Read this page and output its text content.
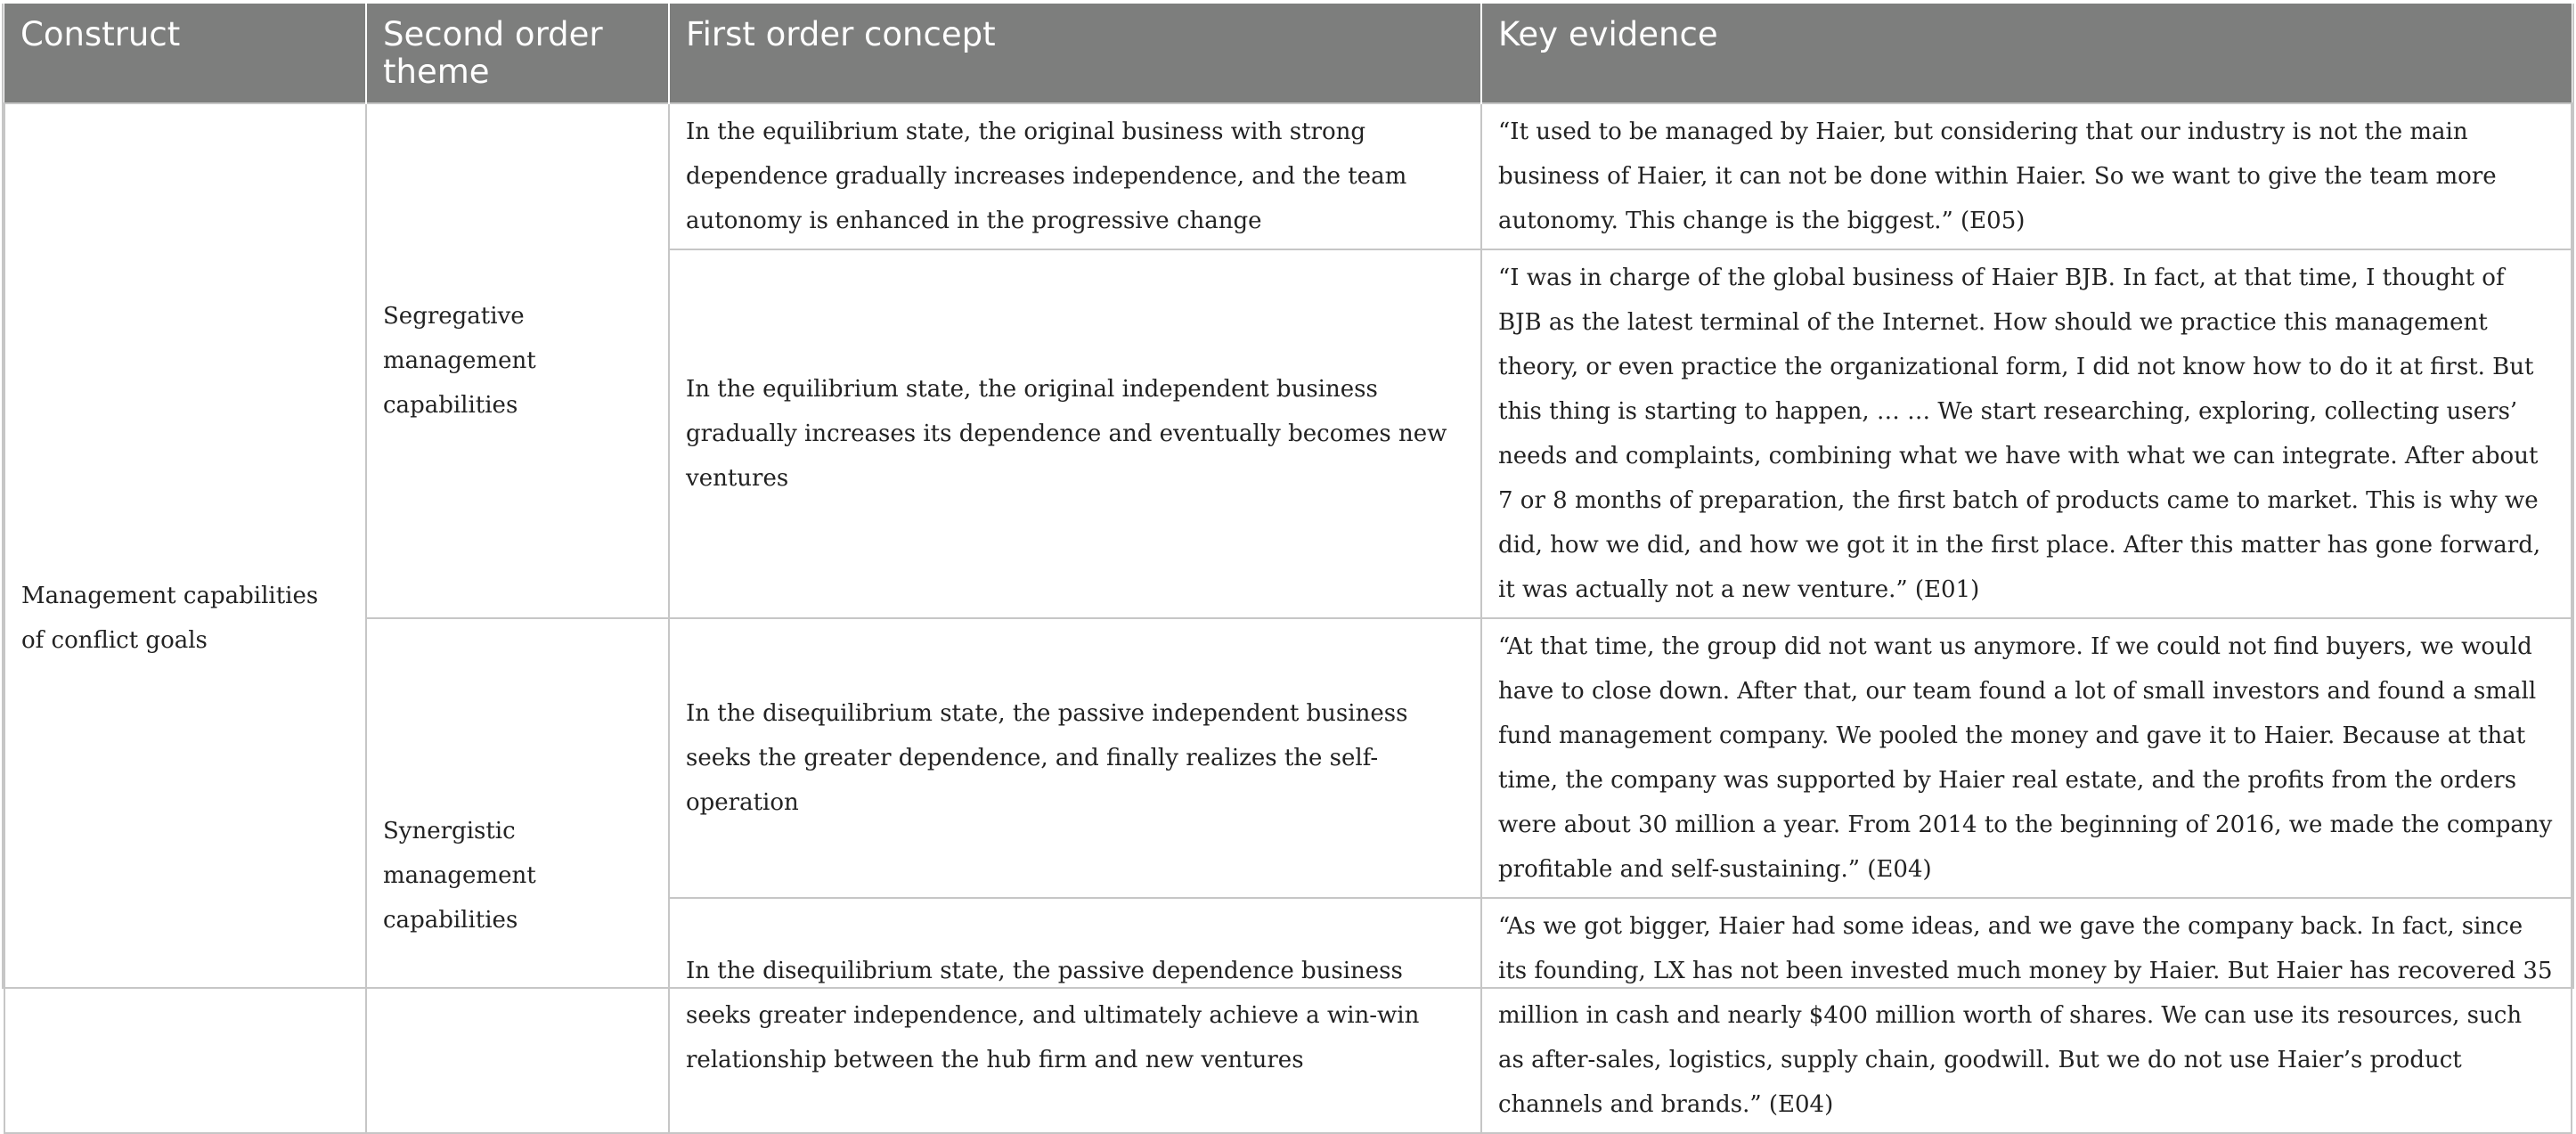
Construct	Second order theme	First order concept	Key evidence
Management capabilities of conflict goals	Segregative management capabilities	In the equilibrium state, the original business with strong dependence gradually increases independence, and the team autonomy is enhanced in the progressive change	“It used to be managed by Haier, but considering that our industry is not the main business of Haier, it can not be done within Haier. So we want to give the team more autonomy. This change is the biggest.” (E05)
		In the equilibrium state, the original independent business gradually increases its dependence and eventually becomes new ventures	“I was in charge of the global business of Haier BJB. In fact, at that time, I thought of BJB as the latest terminal of the Internet. How should we practice this management theory, or even practice the organizational form, I did not know how to do it at first. But this thing is starting to happen, … … We start researching, exploring, collecting users’ needs and complaints, combining what we have with what we can integrate. After about 7 or 8 months of preparation, the first batch of products came to market. This is why we did, how we did, and how we got it in the first place. After this matter has gone forward, it was actually not a new venture.” (E01)
	Synergistic management capabilities	In the disequilibrium state, the passive independent business seeks the greater dependence, and finally realizes the self-operation	“At that time, the group did not want us anymore. If we could not find buyers, we would have to close down. After that, our team found a lot of small investors and found a small fund management company. We pooled the money and gave it to Haier. Because at that time, the company was supported by Haier real estate, and the profits from the orders were about 30 million a year. From 2014 to the beginning of 2016, we made the company profitable and self-sustaining.” (E04)
		In the disequilibrium state, the passive dependence business seeks greater independence, and ultimately achieve a win-win relationship between the hub firm and new ventures	“As we got bigger, Haier had some ideas, and we gave the company back. In fact, since its founding, LX has not been invested much money by Haier. But Haier has recovered 35 million in cash and nearly $400 million worth of shares. We can use its resources, such as after-sales, logistics, supply chain, goodwill. But we do not use Haier’s product channels and brands.” (E04)
